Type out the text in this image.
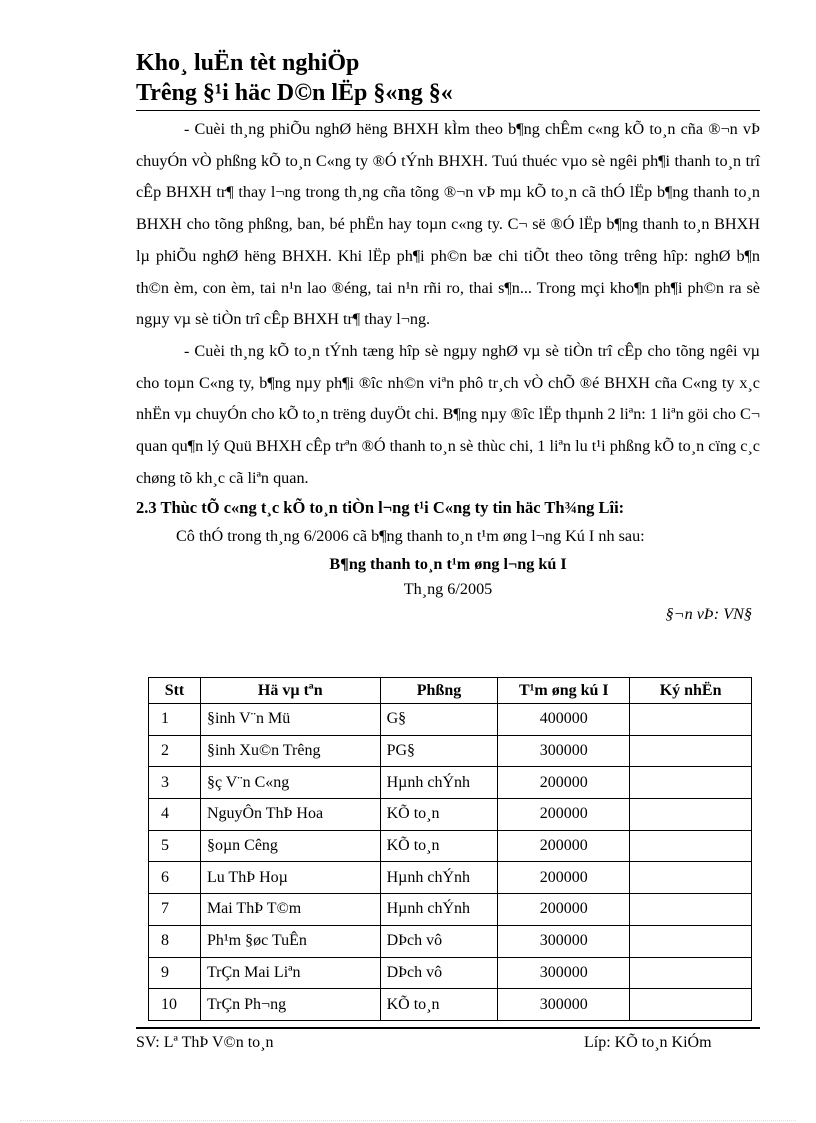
Kho¸ luËn tèt nghiÖp
Trêng §¹i häc D©n lËp §«ng §«

- Cuèi th¸ng phiÕu nghØ hëng BHXH kÌm theo b¶ng chÊm c«ng kÕ to¸n cña ®¬n vÞ chuyÓn vÒ phßng kÕ to¸n C«ng ty ®Ó tÝnh BHXH. Tuú thuéc vµo sè ngêi ph¶i thanh to¸n trî cÊp BHXH tr¶ thay l¬ng trong th¸ng cña tõng ®¬n vÞ mµ kÕ to¸n cã thÓ lËp b¶ng thanh to¸n BHXH cho tõng phßng, ban, bé phËn hay toµn c«ng ty. C¬ së ®Ó lËp b¶ng thanh to¸n BHXH lµ phiÕu nghØ hëng BHXH. Khi lËp ph¶i ph©n bæ chi tiÕt theo tõng trêng hîp: nghØ b¶n th©n èm, con èm, tai n¹n lao ®éng, tai n¹n rñi ro, thai s¶n... Trong mçi kho¶n ph¶i ph©n ra sè ngµy vµ sè tiÒn trî cÊp BHXH tr¶ thay l¬ng.

- Cuèi th¸ng kÕ to¸n tÝnh tæng hîp sè ngµy nghØ vµ sè tiÒn trî cÊp cho tõng ngêi vµ cho toµn C«ng ty, b¶ng nµy ph¶i ®îc nh©n viªn phô tr¸ch vÒ chÕ ®é BHXH cña C«ng ty x¸c nhËn vµ chuyÓn cho kÕ to¸n trëng duyÖt chi. B¶ng nµy ®îc lËp thµnh 2 liªn: 1 liªn göi cho C¬ quan qu¶n lý Quü BHXH cÊp trªn ®Ó thanh to¸n sè thùc chi, 1 liªn lu t¹i phßng kÕ to¸n cïng c¸c chøng tõ kh¸c cã liªn quan.

2.3 Thùc tÕ c«ng t¸c kÕ to¸n tiÒn l¬ng t¹i C«ng ty tin häc Th¾ng Lîi:

Cô thÓ trong th¸ng 6/2006 cã b¶ng thanh to¸n t¹m øng l¬ng Kú I nh sau:

B¶ng thanh to¸n t¹m øng l¬ng kú I

Th¸ng 6/2005

§¬n vÞ: VN§

Stt	Hä vµ tªn	Phßng	T¹m øng kú I	Ký nhËn
1	§inh V¨n Mü	G§	400000	
2	§inh Xu©n Trêng	PG§	300000	
3	§ç V¨n C«ng	Hµnh chÝnh	200000	
4	NguyÔn ThÞ Hoa	KÕ to¸n	200000	
5	§oµn Cêng	KÕ to¸n	200000	
6	Lu ThÞ Hoµ	Hµnh chÝnh	200000	
7	Mai ThÞ T©m	Hµnh chÝnh	200000	
8	Ph¹m §øc TuÊn	DÞch vô	300000	
9	TrÇn Mai Liªn	DÞch vô	300000	
10	TrÇn Ph¬ng	KÕ to¸n	300000	
SV: Lª ThÞ V©n to¸n	Líp: KÕ to¸n KiÓm
